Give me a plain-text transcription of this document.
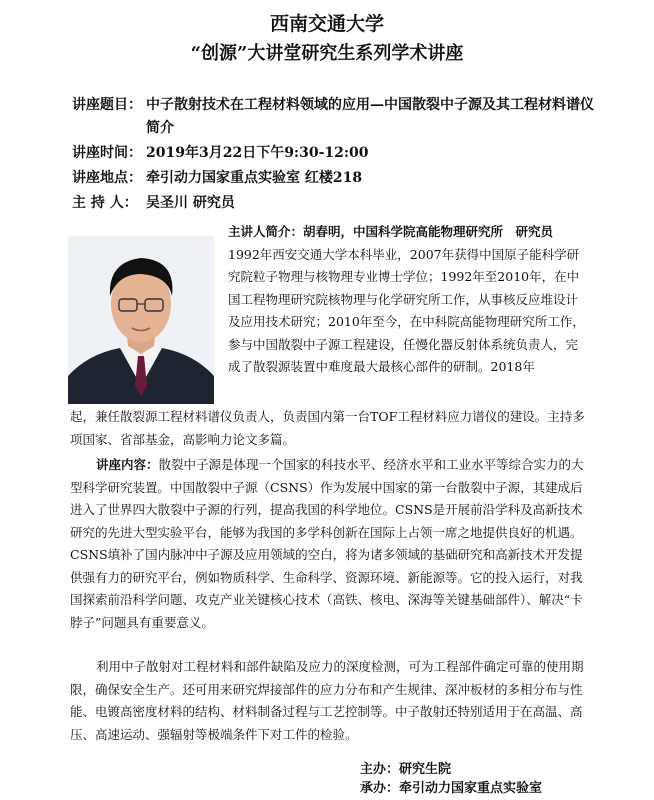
西南交通大学
“创源”大讲堂研究生系列学术讲座
讲座题目： 中子散射技术在工程材料领域的应用—中国散裂中子源及其工程材料谱仪简介
讲座时间： 2019年3月22日下午9:30-12:00
讲座地点： 牵引动力国家重点实验室 红楼218
主 持 人： 吴圣川 研究员
主讲人简介：胡春明，中国科学院高能物理研究所　研究员
1992年西安交通大学本科毕业，2007年获得中国原子能科学研究院粒子物理与核物理专业博士学位；1992年至2010年，在中国工程物理研究院核物理与化学研究所工作，从事核反应堆设计及应用技术研究；2010年至今，在中科院高能物理研究所工作，参与中国散裂中子源工程建设，任慢化器反射体系统负责人，完成了散裂源装置中难度最大最核心部件的研制。2018年
起，兼任散裂源工程材料谱仪负责人，负责国内第一台TOF工程材料应力谱仪的建设。主持多项国家、省部基金，高影响力论文多篇。
讲座内容：散裂中子源是体现一个国家的科技水平、经济水平和工业水平等综合实力的大型科学研究装置。中国散裂中子源（CSNS）作为发展中国家的第一台散裂中子源，其建成后进入了世界四大散裂中子源的行列，提高我国的科学地位。CSNS是开展前沿学科及高新技术研究的先进大型实验平台，能够为我国的多学科创新在国际上占领一席之地提供良好的机遇。CSNS填补了国内脉冲中子源及应用领域的空白，将为诸多领域的基础研究和高新技术开发提供强有力的研究平台，例如物质科学、生命科学、资源环境、新能源等。它的投入运行，对我国探索前沿科学问题、攻克产业关键核心技术（高铁、核电、深海等关键基础部件）、解决“卡脖子”问题具有重要意义。
利用中子散射对工程材料和部件缺陷及应力的深度检测，可为工程部件确定可靠的使用期限，确保安全生产。还可用来研究焊接部件的应力分布和产生规律、深冲板材的多相分布与性能、电镀高密度材料的结构、材料制备过程与工艺控制等。中子散射还特别适用于在高温、高压、高速运动、强辐射等极端条件下对工件的检验。
主办：研究生院
承办：牵引动力国家重点实验室
